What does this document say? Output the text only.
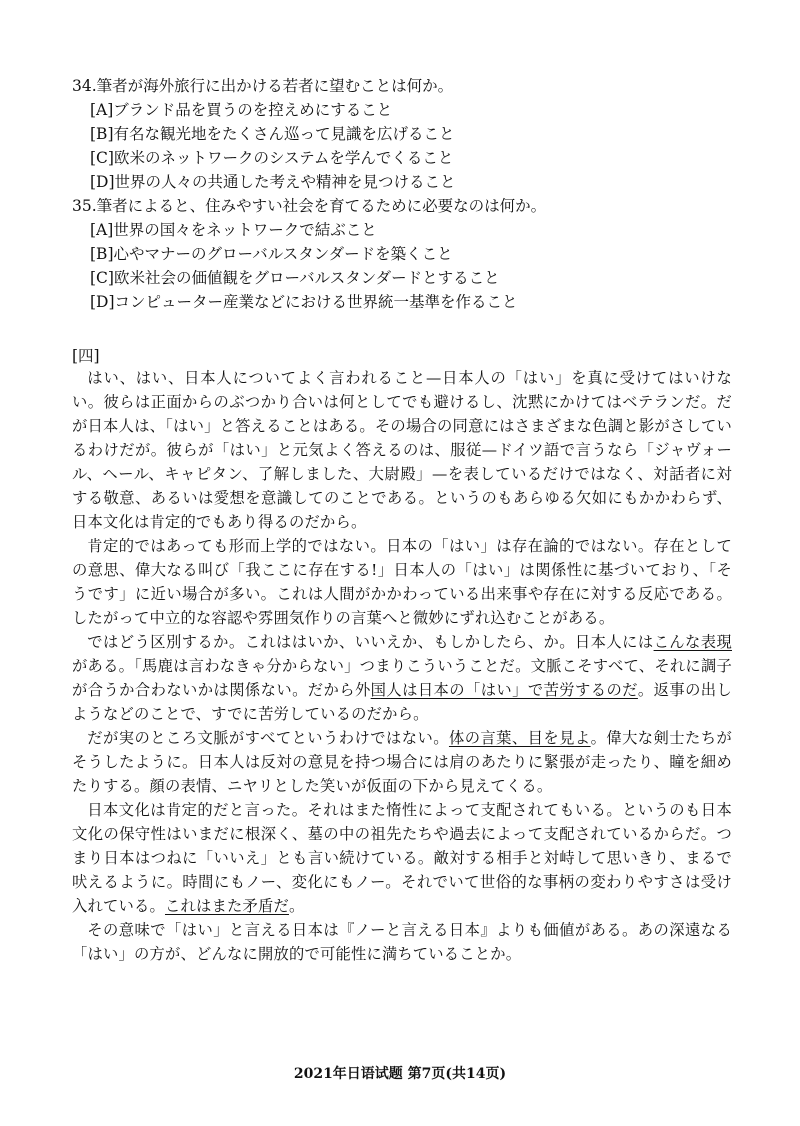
34.筆者が海外旅行に出かける若者に望むことは何か。

[A]ブランド品を買うのを控えめにすること
[B]有名な観光地をたくさん巡って見識を広げること
[C]欧米のネットワークのシステムを学んでくること
[D]世界の人々の共通した考えや精神を見つけること

35.筆者によると、住みやすい社会を育てるために必要なのは何か。

[A]世界の国々をネットワークで結ぶこと
[B]心やマナーのグローバルスタンダードを築くこと
[C]欧米社会の価値観をグローバルスタンダードとすること
[D]コンピューター産業などにおける世界統一基準を作ること
[四]

はい、はい、日本人についてよく言われること—日本人の「はい」を真に受けてはいけない。彼らは正面からのぶつかり合いは何としてでも避けるし、沈黙にかけてはベテランだ。だが日本人は、「はい」と答えることはある。その場合の同意にはさまざまな色調と影がさしているわけだが。彼らが「はい」と元気よく答えるのは、服従—ドイツ語で言うなら「ジャヴォール、ヘール、キャピタン、了解しました、大尉殿」—を表しているだけではなく、対話者に対する敬意、あるいは愛想を意識してのことである。というのもあらゆる欠如にもかかわらず、日本文化は肯定的でもあり得るのだから。

肯定的ではあっても形而上学的ではない。日本の「はい」は存在論的ではない。存在としての意思、偉大なる叫び「我ここに存在する!」日本人の「はい」は関係性に基づいており、「そうです」に近い場合が多い。これは人間がかかわっている出来事や存在に対する反応である。したがって中立的な容認や雰囲気作りの言葉へと微妙にずれ込むことがある。

ではどう区別するか。これははいか、いいえか、もしかしたら、か。日本人にはこんな表現がある。「馬鹿は言わなきゃ分からない」つまりこういうことだ。文脈こそすべて、それに調子が合うか合わないかは関係ない。だから外国人は日本の「はい」で苦労するのだ。返事の出しようなどのことで、すでに苦労しているのだから。

だが実のところ文脈がすべてというわけではない。体の言葉、目を見よ。偉大な剣士たちがそうしたように。日本人は反対の意見を持つ場合には肩のあたりに緊張が走ったり、瞳を細めたりする。顔の表情、ニヤリとした笑いが仮面の下から見えてくる。

日本文化は肯定的だと言った。それはまた惰性によって支配されてもいる。というのも日本文化の保守性はいまだに根深く、墓の中の祖先たちや過去によって支配されているからだ。つまり日本はつねに「いいえ」とも言い続けている。敵対する相手と対峙して思いきり、まるで吠えるように。時間にもノー、変化にもノー。それでいて世俗的な事柄の変わりやすさは受け入れている。これはまた矛盾だ。

その意味で「はい」と言える日本は『ノーと言える日本』よりも価値がある。あの深遠なる「はい」の方が、どんなに開放的で可能性に満ちていることか。

2021年日语试题 第7页(共14页)
